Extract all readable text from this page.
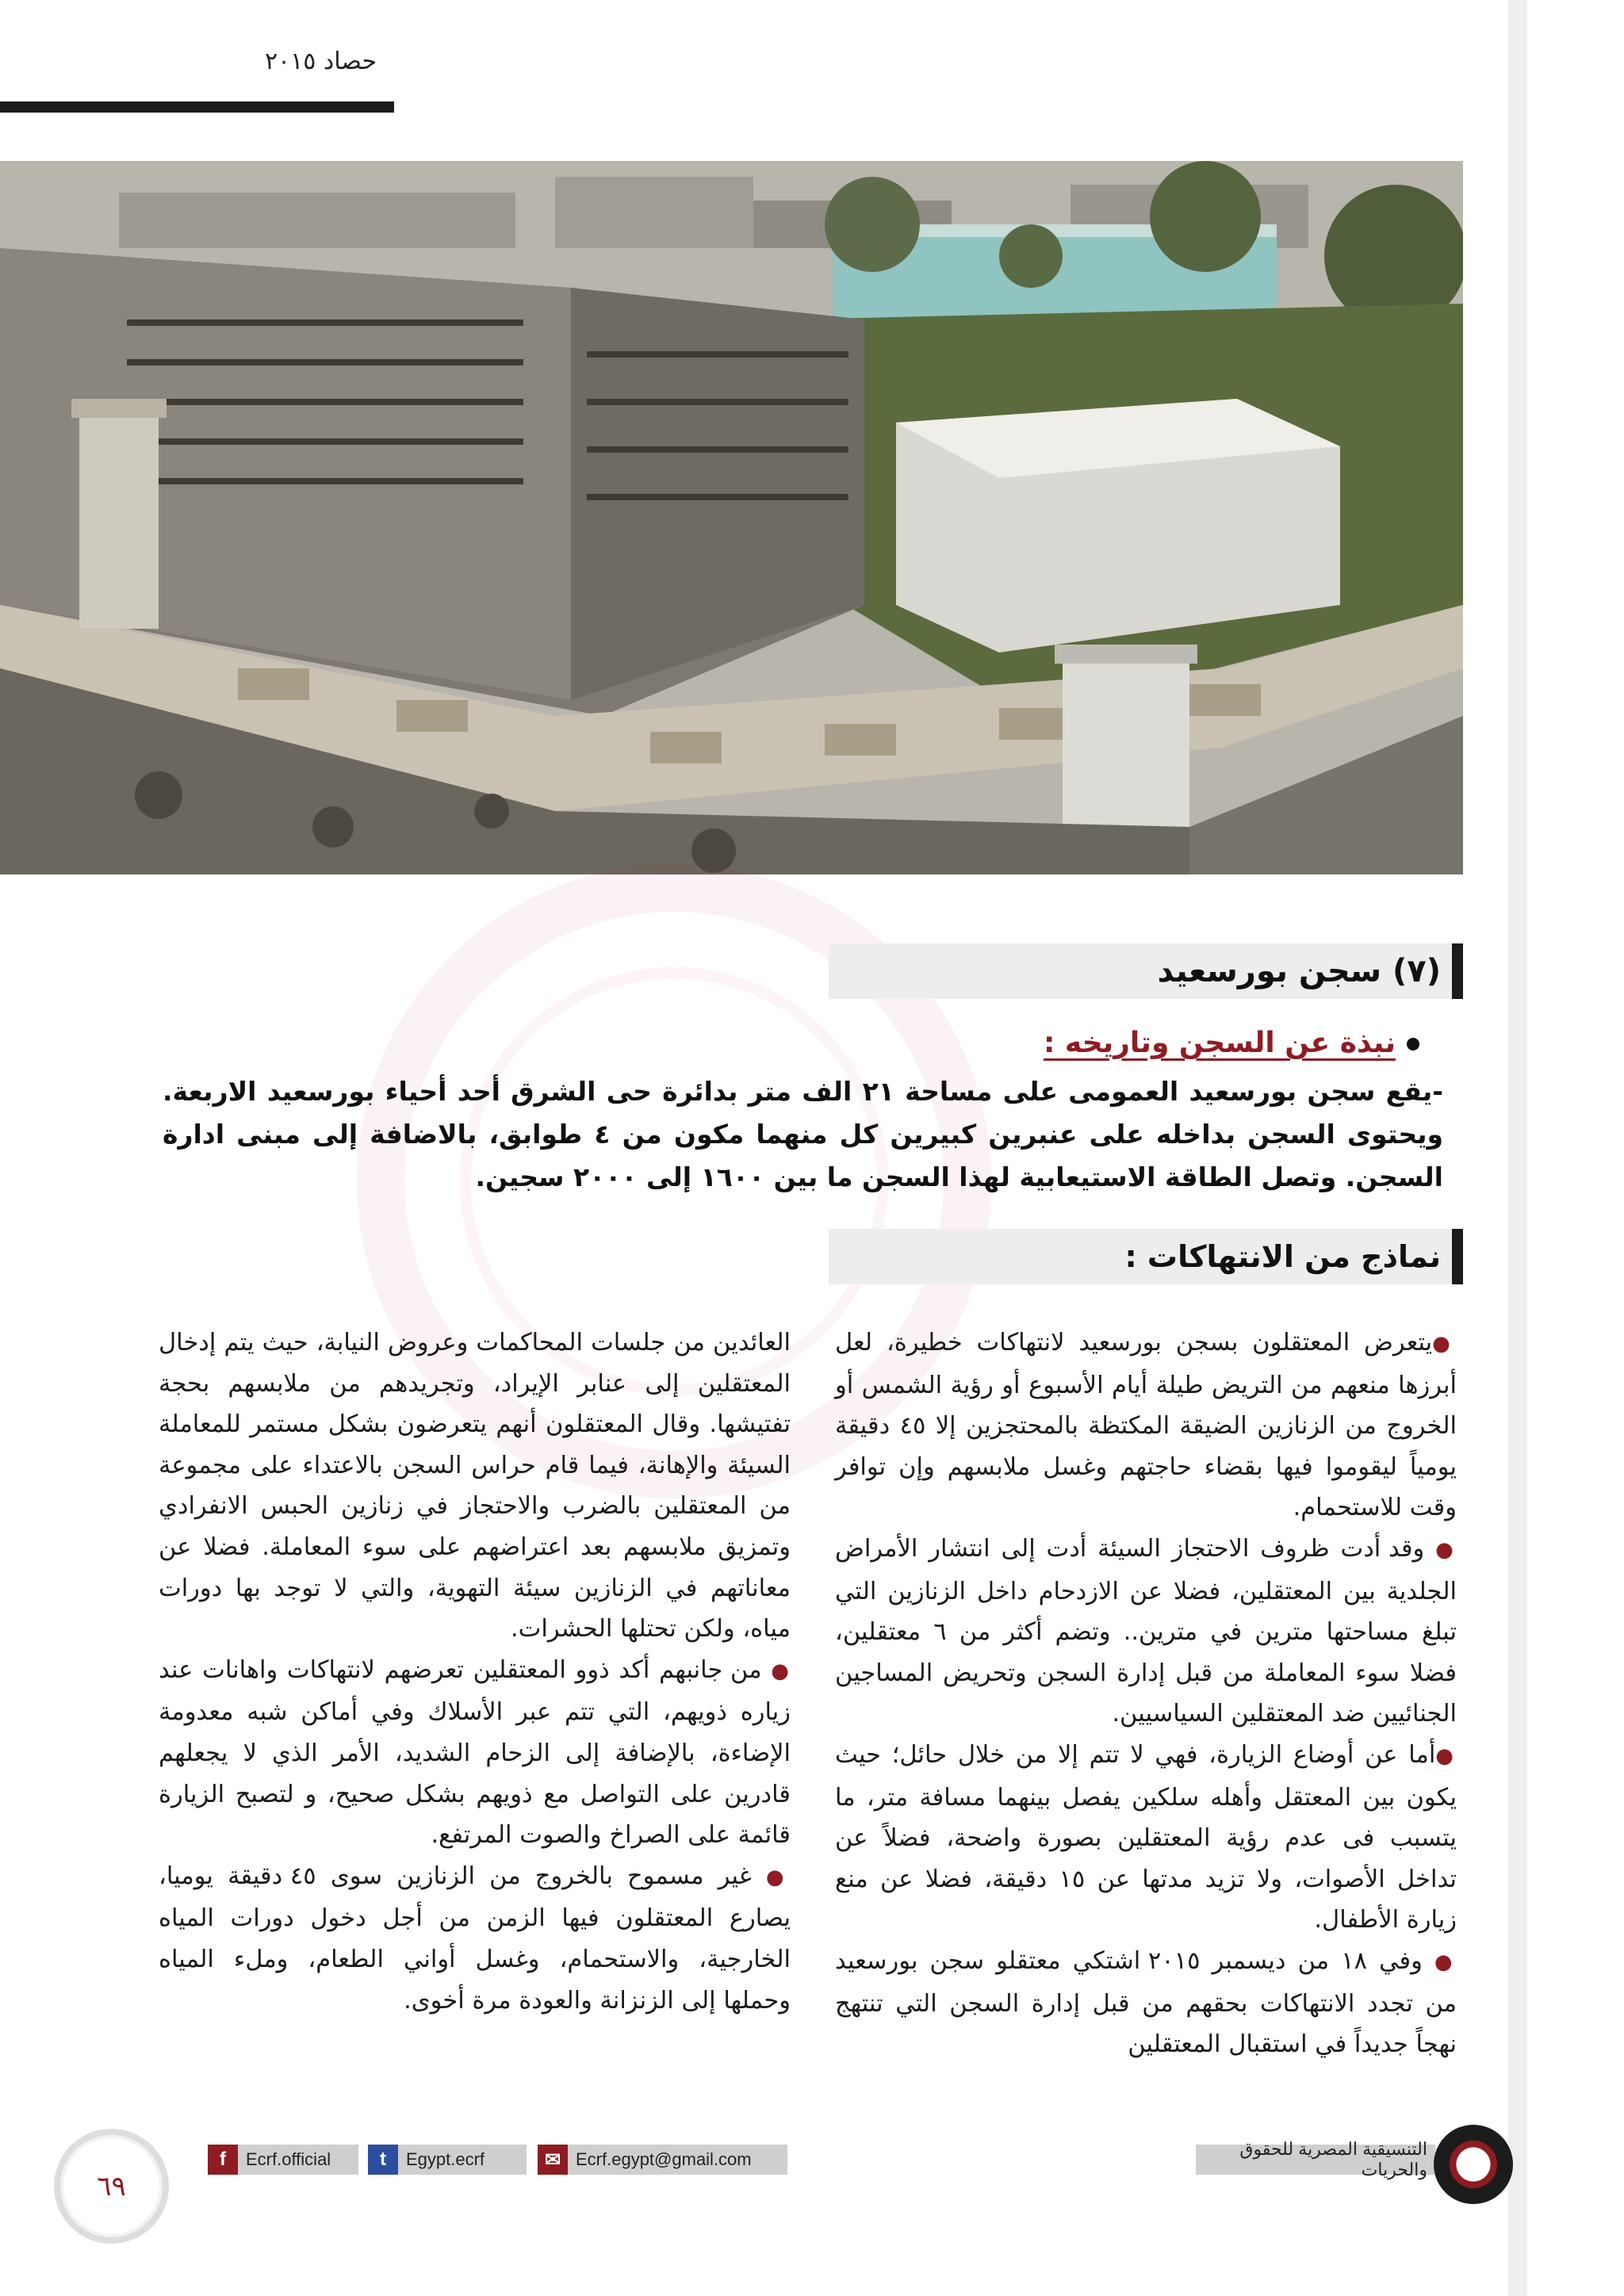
حصاد ٢٠١٥
(٧) سجن بورسعيد
نبذة عن السجن وتاريخه :
-يقع سجن بورسعيد العمومى على مساحة ٢١ الف متر بدائرة حى الشرق أحد أحياء بورسعيد الاربعة. ويحتوى السجن بداخله على عنبرين كبيرين كل منهما مكون من ٤ طوابق، بالاضافة إلى مبنى ادارة السجن. وتصل الطاقة الاستيعابية لهذا السجن ما بين ١٦٠٠ إلى ٢٠٠٠ سجين.
نماذج من الانتهاكات :

●يتعرض المعتقلون بسجن بورسعيد لانتهاكات خطيرة، لعل أبرزها منعهم من التريض طيلة أيام الأسبوع أو رؤية الشمس أو الخروج من الزنازين الضيقة المكتظة بالمحتجزين إلا ٤٥ دقيقة يومياً ليقوموا فيها بقضاء حاجتهم وغسل ملابسهم وإن توافر وقت للاستحمام.

● وقد أدت ظروف الاحتجاز السيئة أدت إلى انتشار الأمراض الجلدية بين المعتقلين، فضلا عن الازدحام داخل الزنازين التي تبلغ مساحتها مترين في مترين.. وتضم أكثر من ٦ معتقلين، فضلا سوء المعاملة من قبل إدارة السجن وتحريض المساجين الجنائيين ضد المعتقلين السياسيين.

●أما عن أوضاع الزيارة، فهي لا تتم إلا من خلال حائل؛ حيث يكون بين المعتقل وأهله سلكين يفصل بينهما مسافة متر، ما يتسبب فى عدم رؤية المعتقلين بصورة واضحة، فضلاً عن تداخل الأصوات، ولا تزيد مدتها عن ١٥ دقيقة، فضلا عن منع زيارة الأطفال.

● وفي ١٨ من ديسمبر ٢٠١٥ اشتكي معتقلو سجن بورسعيد من تجدد الانتهاكات بحقهم من قبل إدارة السجن التي تنتهج نهجاً جديداً في استقبال المعتقلين

العائدين من جلسات المحاكمات وعروض النيابة، حيث يتم إدخال المعتقلين إلى عنابر الإيراد، وتجريدهم من ملابسهم بحجة تفتيشها. وقال المعتقلون أنهم يتعرضون بشكل مستمر للمعاملة السيئة والإهانة، فيما قام حراس السجن بالاعتداء على مجموعة من المعتقلين بالضرب والاحتجاز في زنازين الحبس الانفرادي وتمزيق ملابسهم بعد اعتراضهم على سوء المعاملة. فضلا عن معاناتهم في الزنازين سيئة التهوية، والتي لا توجد بها دورات مياه، ولكن تحتلها الحشرات.

● من جانبهم أكد ذوو المعتقلين تعرضهم لانتهاكات واهانات عند زياره ذويهم، التي تتم عبر الأسلاك وفي أماكن شبه معدومة الإضاءة، بالإضافة إلى الزحام الشديد، الأمر الذي لا يجعلهم قادرين على التواصل مع ذويهم بشكل صحيح، و لتصبح الزيارة قائمة على الصراخ والصوت المرتفع.

● غير مسموح بالخروج من الزنازين سوى ٤٥ دقيقة يوميا، يصارع المعتقلون فيها الزمن من أجل دخول دورات المياه الخارجية، والاستحمام، وغسل أواني الطعام، وملء المياه وحملها إلى الزنزانة والعودة مرة أخوى.

٦٩
f	Ecrf.official	t	Egypt.ecrf	✉ Ecrf.egypt@gmail.com
التنسيقية المصرية للحقوق والحريات
